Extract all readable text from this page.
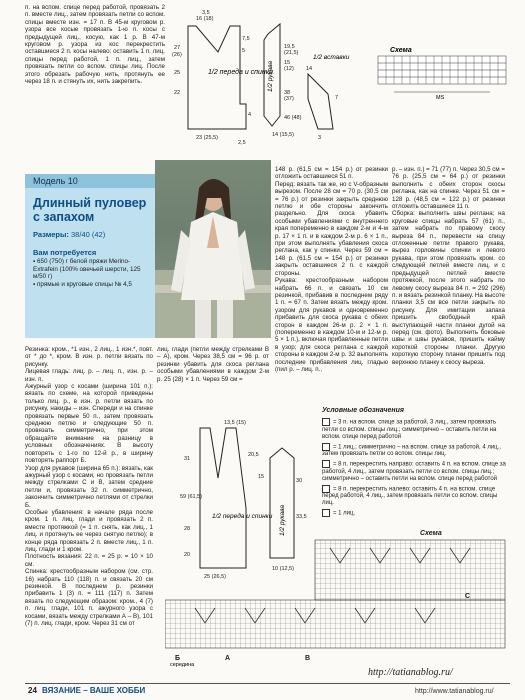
п. на вспом. спице перед работой, провязать 2 п. вместе лиц., затем провязать петли со вспом. спицы вместе изн. = 17 п. В 45-м круговом р. узора все косые провязать 1-ю п. косы с предыдущей лиц., косую, как 1 р. В 47-м круговом р. узора из кос перекрестить оставшиеся 2 п. косы налево: оставить 1 п. лиц. спицы перед работой, 1 п. лиц., затем провязать петли со вспом. спицы лиц. После этого обрезать рабочую нить, протянуть ее через 18 п. и стянуть их, нить закрепить.

1/2 переда и спинки
3,5
16 (18)
7,5
5
27
(26)
25
22
23 (25,5)
4
2,5
1/2 рукава
19,5
(21,5)
15
(12)
38
(37)
46 (48)
14 (15,5)
1/2 вставки
14
7
3
Схема
MS
Модель 10
Длинный пуловер с запахом
Размеры: 38/40 (42)
Вам потребуется
▪ 650 (750) г белой пряжи Merino-Extrafein (100% овечьей шерсти, 125 м/50 г)
▪ прямые и круговые спицы № 4,5
Резинка: кром., *1 изн., 2 лиц., 1 изн.*, повт. от * до *, кром. В изн. р. петли вязать по рисунку.
Лицевая гладь: лиц. р. – лиц. п., изн. р. – изн. п.
Ажурный узор с косами (ширина 101 п.): вязать по схеме, на которой приведены только лиц. р., в изн. р. петли вязать по рисунку, накиды – изн. Спереди и на спинке провязать первые 50 п., затем провязать среднюю петлю и следующие 50 п. провязать симметрично, при этом обращайте внимание на разницу в условных обозначениях. В высоту повторять с 1-го по 12-й р., в ширину повторять раппорт Б.
Узор для рукавов (ширина 65 п.): вязать, как ажурный узор с косами, но провязать петли между стрелками С и В, затем средние петли и, провязать 32 п. симметрично, закончить симметрично петлями от стрелки Б.
Особые убавления: в начале ряда после кром. 1 п. лиц. глади и провязать 2 п. вместе протяжкой (= 1 п. снять, как лиц., 1 лиц. и протянуть ее через снятую петлю); в конце ряда провязать 2 п. вместе лиц., 1 п. лиц. глади и 1 кром.
Плотность вязания: 22 п. = 25 р. = 10 × 10 см.
Спинка: крестообразным набором (см. стр. 16) набрать 110 (118) п. и связать 20 см резинкой. В последнем р. резинки прибавить 1 (3) п. = 111 (117) п. Затем вязать по следующим образом: кром., 4 (7) п. лиц. глади, 101 п. ажурного узора с косами, вязать между стрелками А – В), 101 (7) п. лиц. глади, кром. Через 31 см от
лиц. глади (петли между стрелками В – А), кром. Через 38,5 см = 96 р. от резинки убавить для скоса реглана особыми убавлениями в каждом 2-м р. 25 (28) × 1 п. Через 59 см =
148 р. (61,5 см = 154 р.) от резинки отложить оставшиеся 51 п.
Перед: вязать так же, но с V-образным вырезом. После 28 см = 70 р. (30,5 см = 76 р.) от резинки закрыть среднюю петлю и обе стороны закончить раздельно. Для скоса убавить особыми убавлениями с внутреннего края попеременно в каждом 2-м и 4-м р. 17 × 1 п. и в каждом 2-м р. 6 × 1 п., при этом выполнять убавления скоса реглана, как у спинки. Через 59 см = 148 р. (61,5 см = 154 р.) от резинки закрыть оставшиеся 2 п. с каждой стороны.
Рукава: крестообразным набором набрать 66 п. и связать 10 см резинкой, прибавив в последнем ряду 1 п. = 67 п. Затем вязать между кром. узором для рукавов и одновременно прибавить для скоса рукава с обеих сторон в каждом 26-м р. 2 × 1 п. (попеременно в каждом 10-м и 12-м р. 5 × 1 п.), включая прибавленные петли в узор; для скоса реглана с каждой стороны в каждом 2-м р. 32 выполнять последние прибавления лиц. гладью (пил р. – лиц. п.,
р. – изн. п.) = 71 (77) п. Через 30,5 см = 76 р. (25,5 см = 64 р.) от резинки выполнить с обеих сторон скосы реглана, как на спинке. Через 51 см = 128 р. (48,5 см = 122 р.) от резинки отложить оставшиеся 11 п.
Сборка: выполнить швы реглана; на круговые спицы набрать 57 (61) п., затем набрать по правому скосу выреза 84 п., перевести на спицу отложенные петли правого рукава, вырез горловины спинки и левого рукава, при этом провязать кром. со следующей петлей вместе лиц. и с предыдущей петлей вместе протяжкой, после этого набрать по левому скосу выреза 84 п. = 292 (296) п. и вязать резинкой планку. На высоте планки 3,5 см все петли закрыть по рисунку. Для имитации запаха пришить свободный край выступающей части планки дугой на перед (см. фото). Выполнить боковые швы и швы рукавов, пришить кайму короткой стороны планки. Другую короткую сторону планки пришить под верхнюю планку к скосу выреза.
1/2 переда и спинки 1/2 рукава
13,5 (15)
20,5
31
59 (61,5)
28
20
25 (26,5)
15
30
33,5
10 (12,5)
Условные обозначения
= 3 п. на вспом. спице за работой, 3 лиц., затем провязать петли со вспом. спицы лиц.; симметрично – оставить петли на вспом. спице перед работой
= 1 лиц.; симметрично – на вспом. спице за работой, 4 лиц., затем провязать петли со вспом. спицы лиц.
= 8 п. перекрестить направо: оставить 4 п. на вспом. спице за работой, 4 лиц., затем провязать петли со вспом. спицы лиц.; симметрично – оставить петли на вспом. спице перед работой
= 8 п. перекрестить налево: оставить 4 п. на вспом. спице перед работой, 4 лиц., затем провязать петли со вспом. спицы лиц.
= 1 лиц.
Схема
Б	А	В
С
середина
http://tatianablog.ru/
24 ВЯЗАНИЕ – ВАШЕ ХОББИ	http://www.tatianablog.ru/
